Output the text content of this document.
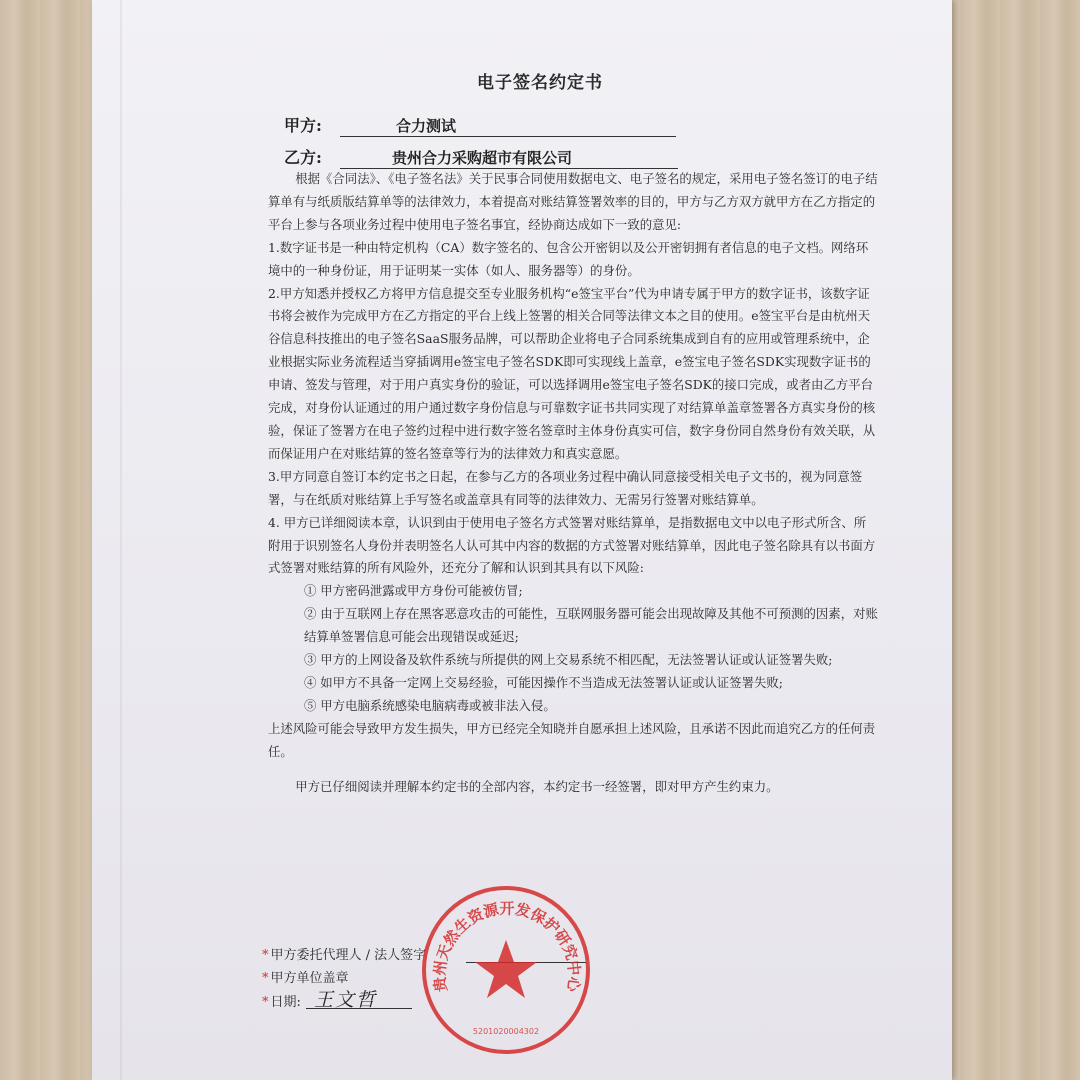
电子签名约定书
甲方:	合力测试
乙方:	贵州合力采购超市有限公司

根据《合同法》、《电子签名法》关于民事合同使用数据电文、电子签名的规定，采用电子签名签订的电子结算单有与纸质版结算单等的法律效力，本着提高对账结算签署效率的目的，甲方与乙方双方就甲方在乙方指定的平台上参与各项业务过程中使用电子签名事宜，经协商达成如下一致的意见:

1.数字证书是一种由特定机构（CA）数字签名的、包含公开密钥以及公开密钥拥有者信息的电子文档。网络环境中的一种身份证，用于证明某一实体（如人、服务器等）的身份。

2.甲方知悉并授权乙方将甲方信息提交至专业服务机构“e签宝平台”代为申请专属于甲方的数字证书，该数字证书将会被作为完成甲方在乙方指定的平台上线上签署的相关合同等法律文本之目的使用。e签宝平台是由杭州天谷信息科技推出的电子签名SaaS服务品牌，可以帮助企业将电子合同系统集成到自有的应用或管理系统中，企业根据实际业务流程适当穿插调用e签宝电子签名SDK即可实现线上盖章，e签宝电子签名SDK实现数字证书的申请、签发与管理，对于用户真实身份的验证，可以选择调用e签宝电子签名SDK的接口完成，或者由乙方平台完成，对身份认证通过的用户通过数字身份信息与可靠数字证书共同实现了对结算单盖章签署各方真实身份的核验，保证了签署方在电子签约过程中进行数字签名签章时主体身份真实可信，数字身份同自然身份有效关联，从而保证用户在对账结算的签名签章等行为的法律效力和真实意愿。

3.甲方同意自签订本约定书之日起，在参与乙方的各项业务过程中确认同意接受相关电子文书的，视为同意签署，与在纸质对账结算上手写签名或盖章具有同等的法律效力、无需另行签署对账结算单。

4. 甲方已详细阅读本章，认识到由于使用电子签名方式签署对账结算单，是指数据电文中以电子形式所含、所附用于识别签名人身份并表明签名人认可其中内容的数据的方式签署对账结算单，因此电子签名除具有以书面方式签署对账结算的所有风险外，还充分了解和认识到其具有以下风险:

① 甲方密码泄露或甲方身份可能被仿冒;

② 由于互联网上存在黑客恶意攻击的可能性，互联网服务器可能会出现故障及其他不可预测的因素，对账结算单签署信息可能会出现错误或延迟;

③ 甲方的上网设备及软件系统与所提供的网上交易系统不相匹配，无法签署认证或认证签署失败;

④ 如甲方不具备一定网上交易经验，可能因操作不当造成无法签署认证或认证签署失败;

⑤ 甲方电脑系统感染电脑病毒或被非法入侵。

上述风险可能会导致甲方发生损失，甲方已经完全知晓并自愿承担上述风险，且承诺不因此而追究乙方的任何责任。

甲方已仔细阅读并理解本约定书的全部内容，本约定书一经签署，即对甲方产生约束力。

* 甲方委托代理人 / 法人签字
* 甲方单位盖章
* 日期: 王文哲
贵州天然生资源开发保护研究中心
5201020004302
